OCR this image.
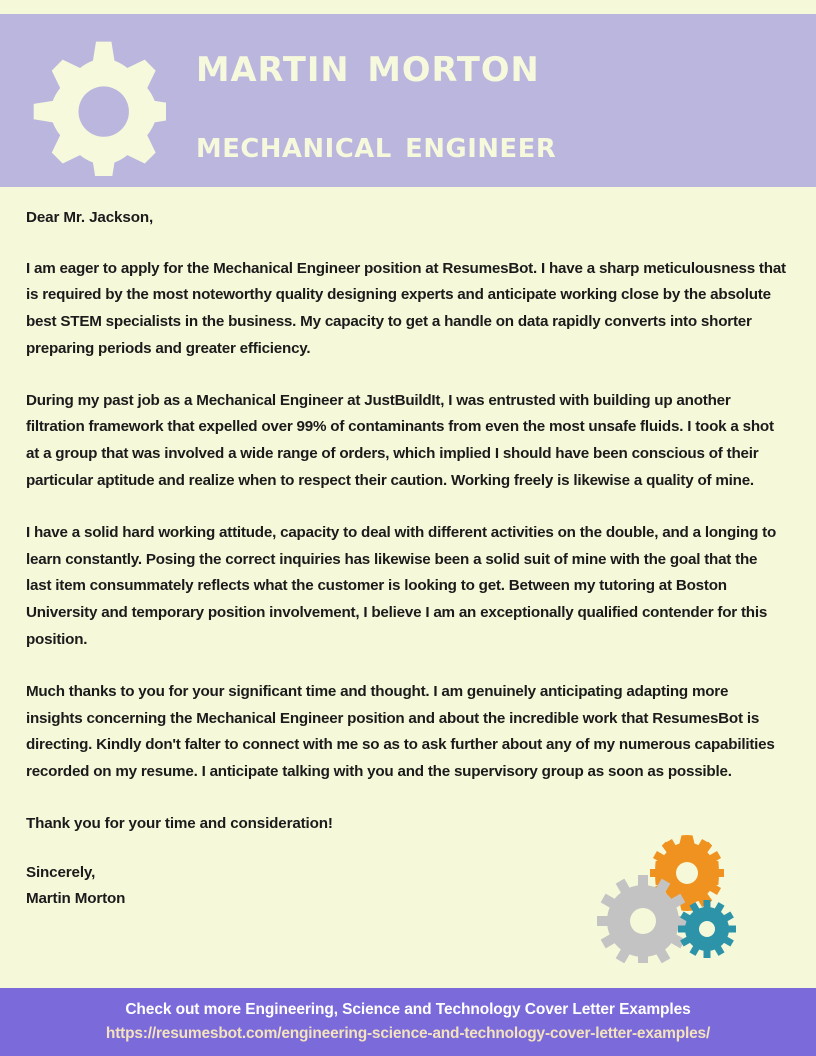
martin morton
mechanical engineer

Dear Mr. Jackson,

I am eager to apply for the Mechanical Engineer position at ResumesBot. I have a sharp meticulousness that is required by the most noteworthy quality designing experts and anticipate working close by the absolute best STEM specialists in the business. My capacity to get a handle on data rapidly converts into shorter preparing periods and greater efficiency.

During my past job as a Mechanical Engineer at JustBuildIt, I was entrusted with building up another filtration framework that expelled over 99% of contaminants from even the most unsafe fluids. I took a shot at a group that was involved a wide range of orders, which implied I should have been conscious of their particular aptitude and realize when to respect their caution. Working freely is likewise a quality of mine.

I have a solid hard working attitude, capacity to deal with different activities on the double, and a longing to learn constantly. Posing the correct inquiries has likewise been a solid suit of mine with the goal that the last item consummately reflects what the customer is looking to get. Between my tutoring at Boston University and temporary position involvement, I believe I am an exceptionally qualified contender for this position.

Much thanks to you for your significant time and thought. I am genuinely anticipating adapting more insights concerning the Mechanical Engineer position and about the incredible work that ResumesBot is directing. Kindly don't falter to connect with me so as to ask further about any of my numerous capabilities recorded on my resume. I anticipate talking with you and the supervisory group as soon as possible.

Thank you for your time and consideration!

Sincerely,

Martin Morton

Check out more Engineering, Science and Technology Cover Letter Examples
https://resumesbot.com/engineering-science-and-technology-cover-letter-examples/
